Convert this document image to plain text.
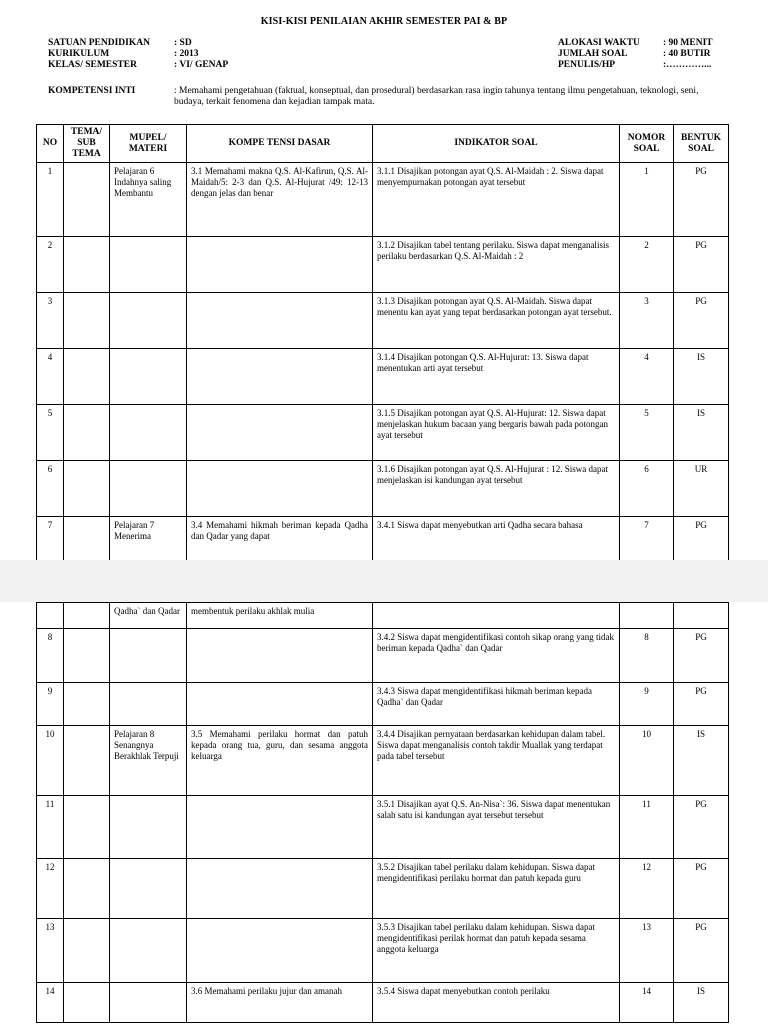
KISI-KISI PENILAIAN AKHIR SEMESTER PAI & BP
SATUAN PENDIDIKAN	: SD
KURIKULUM	: 2013
KELAS/ SEMESTER	: VI/ GENAP
ALOKASI WAKTU	: 90 MENIT
JUMLAH SOAL	: 40 BUTIR
PENULIS/HP	:…………...
KOMPETENSI INTI	: Memahami pengetahuan (faktual, konseptual, dan prosedural) berdasarkan rasa ingin tahunya tentang ilmu pengetahuan, teknologi, seni, budaya, terkait fenomena dan kejadian tampak mata.
NO	TEMA/ SUB TEMA	MUPEL/ MATERI	KOMPE TENSI DASAR	INDIKATOR SOAL	NOMOR SOAL	BENTUK SOAL
1		Pelajaran 6 Indahnya saling Membantu	3.1 Memahami makna Q.S. Al-Kafirun, Q.S. Al-Maidah/5: 2-3 dan Q.S. Al-Hujurat /49: 12-13 dengan jelas dan benar	3.1.1 Disajikan potongan ayat Q.S. Al-Maidah : 2. Siswa dapat menyempurnakan potongan ayat tersebut	1	PG
2				3.1.2 Disajikan tabel tentang perilaku. Siswa dapat menganalisis perilaku berdasarkan Q.S. Al-Maidah : 2	2	PG
3				3.1.3 Disajikan potongan ayat Q.S. Al-Maidah. Siswa dapat menentu kan ayat yang tepat berdasarkan potongan ayat tersebut.	3	PG
4				3.1.4 Disajikan potongan Q.S. Al-Hujurat: 13. Siswa dapat menentukan arti ayat tersebut	4	IS
5				3.1.5 Disajikan potongan ayat Q.S. Al-Hujurat: 12. Siswa dapat menjelaskan hukum bacaan yang bergaris bawah pada potongan ayat tersebut	5	IS
6				3.1.6 Disajikan potongan ayat Q.S. Al-Hujurat : 12. Siswa dapat menjelaskan isi kandungan ayat tersebut	6	UR
7		Pelajaran 7 Menerima	3.4 Memahami hikmah beriman kepada Qadha dan Qadar yang dapat	3.4.1 Siswa dapat menyebutkan arti Qadha secara bahasa	7	PG
		Qadha` dan Qadar	membentuk perilaku akhlak mulia			
8				3.4.2 Siswa dapat mengidentifikasi contoh sikap orang yang tidak beriman kepada Qadha` dan Qadar	8	PG
9				3.4.3 Siswa dapat mengidentifikasi hikmah beriman kepada Qadha` dan Qadar	9	PG
10		Pelajaran 8 Senangnya Berakhlak Terpuji	3.5 Memahami perilaku hormat dan patuh kepada orang tua, guru, dan sesama anggota keluarga	3.4.4 Disajikan pernyataan berdasarkan kehidupan dalam tabel. Siswa dapat menganalisis contoh takdir Muallak yang terdapat pada tabel tersebut	10	IS
11				3.5.1 Disajikan ayat Q.S. An-Nisa`: 36. Siswa dapat menentukan salah satu isi kandungan ayat tersebut tersebut	11	PG
12				3.5.2 Disajikan tabel perilaku dalam kehidupan. Siswa dapat mengidentifikasi perilaku hormat dan patuh kepada guru	12	PG
13				3.5.3 Disajikan tabel perilaku dalam kehidupan. Siswa dapat mengidentifikasi perilak hormat dan patuh kepada sesama anggota keluarga	13	PG
14			3.6 Memahami perilaku jujur dan amanah	3.5.4 Siswa dapat menyebutkan contoh perilaku	14	IS
